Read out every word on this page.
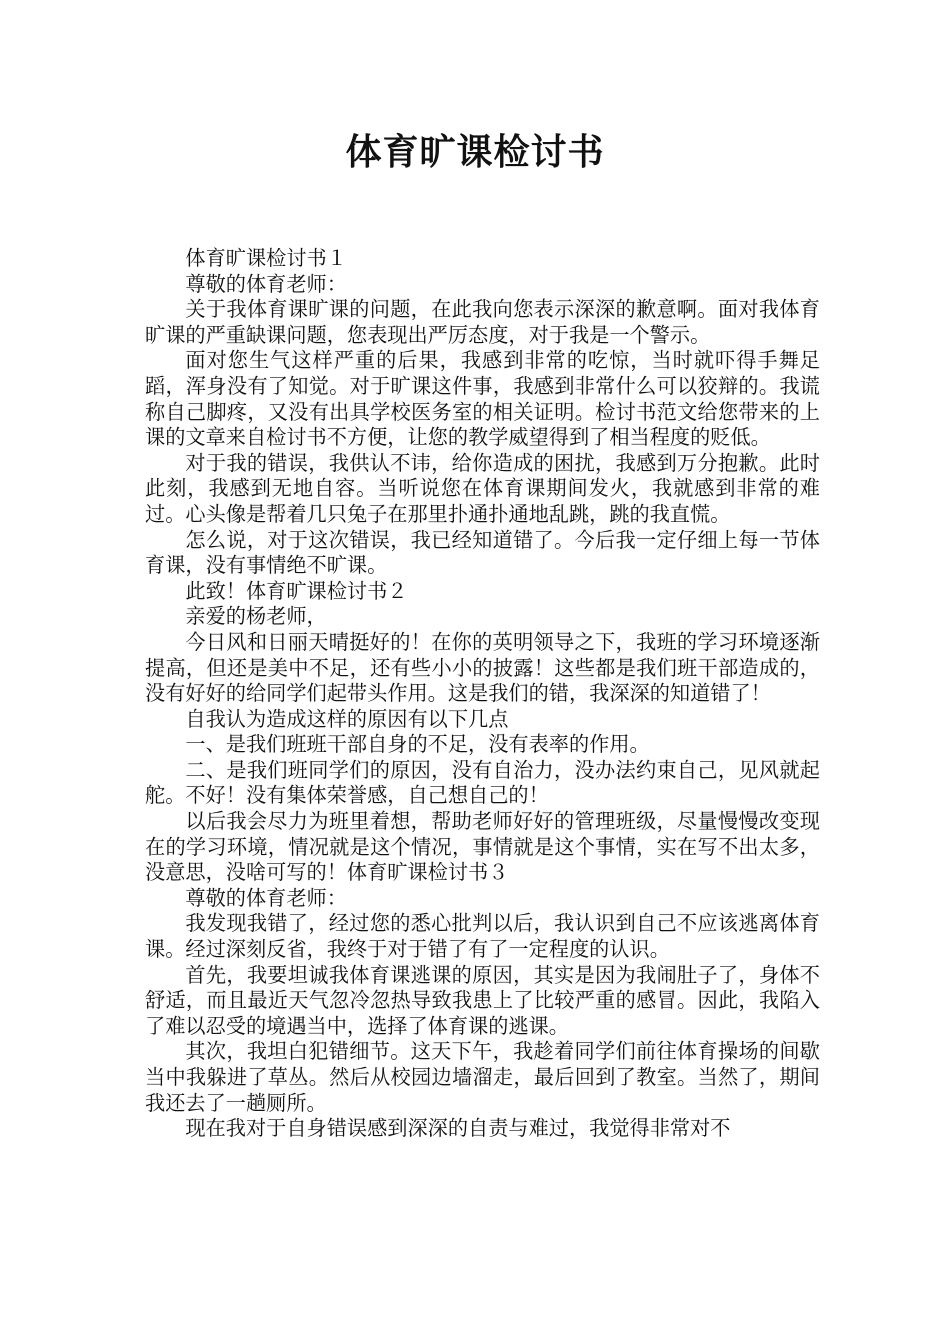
体育旷课检讨书

体育旷课检讨书１

尊敬的体育老师：

关于我体育课旷课的问题，在此我向您表示深深的歉意啊。面对我体育旷课的严重缺课问题，您表现出严厉态度，对于我是一个警示。

面对您生气这样严重的后果，我感到非常的吃惊，当时就吓得手舞足蹈，浑身没有了知觉。对于旷课这件事，我感到非常什么可以狡辩的。我谎称自己脚疼，又没有出具学校医务室的相关证明。检讨书范文给您带来的上课的文章来自检讨书不方便，让您的教学威望得到了相当程度的贬低。

对于我的错误，我供认不讳，给你造成的困扰，我感到万分抱歉。此时此刻，我感到无地自容。当听说您在体育课期间发火，我就感到非常的难过。心头像是帮着几只兔子在那里扑通扑通地乱跳，跳的我直慌。

怎么说，对于这次错误，我已经知道错了。今后我一定仔细上每一节体育课，没有事情绝不旷课。

此致！体育旷课检讨书２

亲爱的杨老师，

今日风和日丽天晴挺好的！在你的英明领导之下，我班的学习环境逐渐提高，但还是美中不足，还有些小小的披露！这些都是我们班干部造成的，没有好好的给同学们起带头作用。这是我们的错，我深深的知道错了！

自我认为造成这样的原因有以下几点

一、是我们班班干部自身的不足，没有表率的作用。

二、是我们班同学们的原因，没有自治力，没办法约束自己，见风就起舵。不好！没有集体荣誉感，自己想自己的！

以后我会尽力为班里着想，帮助老师好好的管理班级，尽量慢慢改变现在的学习环境，情况就是这个情况，事情就是这个事情，实在写不出太多，没意思，没啥可写的！体育旷课检讨书３

尊敬的体育老师：

我发现我错了，经过您的悉心批判以后，我认识到自己不应该逃离体育课。经过深刻反省，我终于对于错了有了一定程度的认识。

首先，我要坦诚我体育课逃课的原因，其实是因为我闹肚子了，身体不舒适，而且最近天气忽冷忽热导致我患上了比较严重的感冒。因此，我陷入了难以忍受的境遇当中，选择了体育课的逃课。

其次，我坦白犯错细节。这天下午，我趁着同学们前往体育操场的间歇当中我躲进了草丛。然后从校园边墙溜走，最后回到了教室。当然了，期间我还去了一趟厕所。

现在我对于自身错误感到深深的自责与难过，我觉得非常对不
